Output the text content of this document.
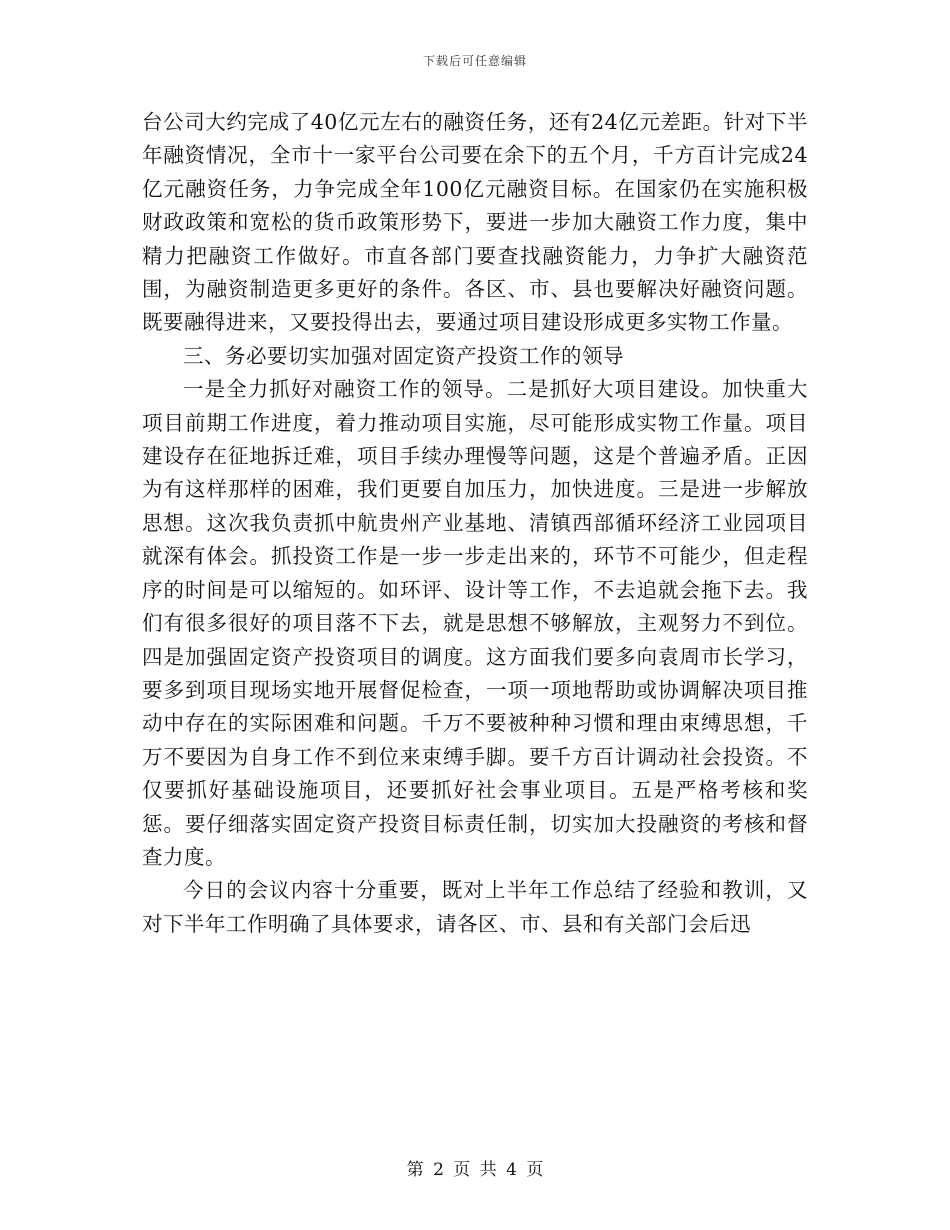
下载后可任意编辑

台公司大约完成了40亿元左右的融资任务，还有24亿元差距。针对下半年融资情况，全市十一家平台公司要在余下的五个月，千方百计完成24亿元融资任务，力争完成全年100亿元融资目标。在国家仍在实施积极财政政策和宽松的货币政策形势下，要进一步加大融资工作力度，集中精力把融资工作做好。市直各部门要查找融资能力，力争扩大融资范围，为融资制造更多更好的条件。各区、市、县也要解决好融资问题。既要融得进来，又要投得出去，要通过项目建设形成更多实物工作量。

三、务必要切实加强对固定资产投资工作的领导

一是全力抓好对融资工作的领导。二是抓好大项目建设。加快重大项目前期工作进度，着力推动项目实施，尽可能形成实物工作量。项目建设存在征地拆迁难，项目手续办理慢等问题，这是个普遍矛盾。正因为有这样那样的困难，我们更要自加压力，加快进度。三是进一步解放思想。这次我负责抓中航贵州产业基地、清镇西部循环经济工业园项目就深有体会。抓投资工作是一步一步走出来的，环节不可能少，但走程序的时间是可以缩短的。如环评、设计等工作，不去追就会拖下去。我们有很多很好的项目落不下去，就是思想不够解放，主观努力不到位。四是加强固定资产投资项目的调度。这方面我们要多向袁周市长学习，要多到项目现场实地开展督促检查，一项一项地帮助或协调解决项目推动中存在的实际困难和问题。千万不要被种种习惯和理由束缚思想，千万不要因为自身工作不到位来束缚手脚。要千方百计调动社会投资。不仅要抓好基础设施项目，还要抓好社会事业项目。五是严格考核和奖惩。要仔细落实固定资产投资目标责任制，切实加大投融资的考核和督查力度。

今日的会议内容十分重要，既对上半年工作总结了经验和教训，又对下半年工作明确了具体要求，请各区、市、县和有关部门会后迅

第 2 页 共 4 页
